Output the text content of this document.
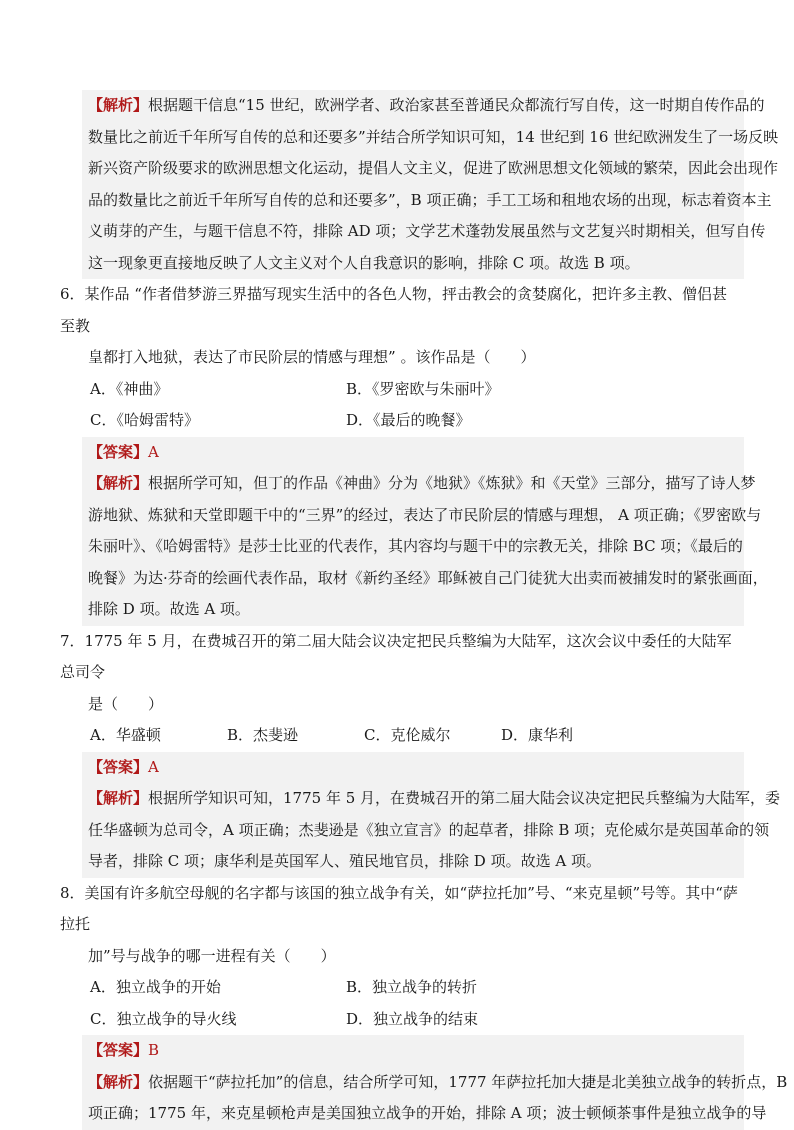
【解析】根据题干信息“15 世纪，欧洲学者、政治家甚至普通民众都流行写自传，这一时期自传作品的
数量比之前近千年所写自传的总和还要多”并结合所学知识可知，14 世纪到 16 世纪欧洲发生了一场反映
新兴资产阶级要求的欧洲思想文化运动，提倡人文主义，促进了欧洲思想文化领域的繁荣，因此会出现作
品的数量比之前近千年所写自传的总和还要多”，B 项正确；手工工场和租地农场的出现，标志着资本主
义萌芽的产生，与题干信息不符，排除 AD 项；文学艺术蓬勃发展虽然与文艺复兴时期相关，但写自传
这一现象更直接地反映了人文主义对个人自我意识的影响，排除 C 项。故选 B 项。
6．某作品 “作者借梦游三界描写现实生活中的各色人物，抨击教会的贪婪腐化，把许多主教、僧侣甚至教
皇都打入地狱，表达了市民阶层的情感与理想” 。该作品是（　　）
A．《神曲》	B．《罗密欧与朱丽叶》
C．《哈姆雷特》	D．《最后的晚餐》
【答案】A
【解析】根据所学可知，但丁的作品《神曲》分为《地狱》《炼狱》和《天堂》三部分，描写了诗人梦
游地狱、炼狱和天堂即题干中的“三界”的经过，表达了市民阶层的情感与理想， A 项正确；《罗密欧与
朱丽叶》、《哈姆雷特》是莎士比亚的代表作，其内容均与题干中的宗教无关，排除 BC 项；《最后的
晚餐》为达·芬奇的绘画代表作品，取材《新约圣经》耶稣被自己门徒犹大出卖而被捕发时的紧张画面，
排除 D 项。故选 A 项。
7．1775 年 5 月，在费城召开的第二届大陆会议决定把民兵整编为大陆军，这次会议中委任的大陆军总司令
是（　　）
A．华盛顿	B．杰斐逊	C．克伦威尔	D．康华利
【答案】A
【解析】根据所学知识可知，1775 年 5 月，在费城召开的第二届大陆会议决定把民兵整编为大陆军，委
任华盛顿为总司令，A 项正确；杰斐逊是《独立宣言》的起草者，排除 B 项；克伦威尔是英国革命的领
导者，排除 C 项；康华利是英国军人、殖民地官员，排除 D 项。故选 A 项。
8．美国有许多航空母舰的名字都与该国的独立战争有关，如“萨拉托加”号、“来克星顿”号等。其中“萨拉托
加”号与战争的哪一进程有关（　　）
A．独立战争的开始	B．独立战争的转折
C．独立战争的导火线	D．独立战争的结束
【答案】B
【解析】依据题干“萨拉托加”的信息，结合所学可知，1777 年萨拉托加大捷是北美独立战争的转折点，B
项正确；1775 年，来克星顿枪声是美国独立战争的开始，排除 A 项；波士顿倾茶事件是独立战争的导
